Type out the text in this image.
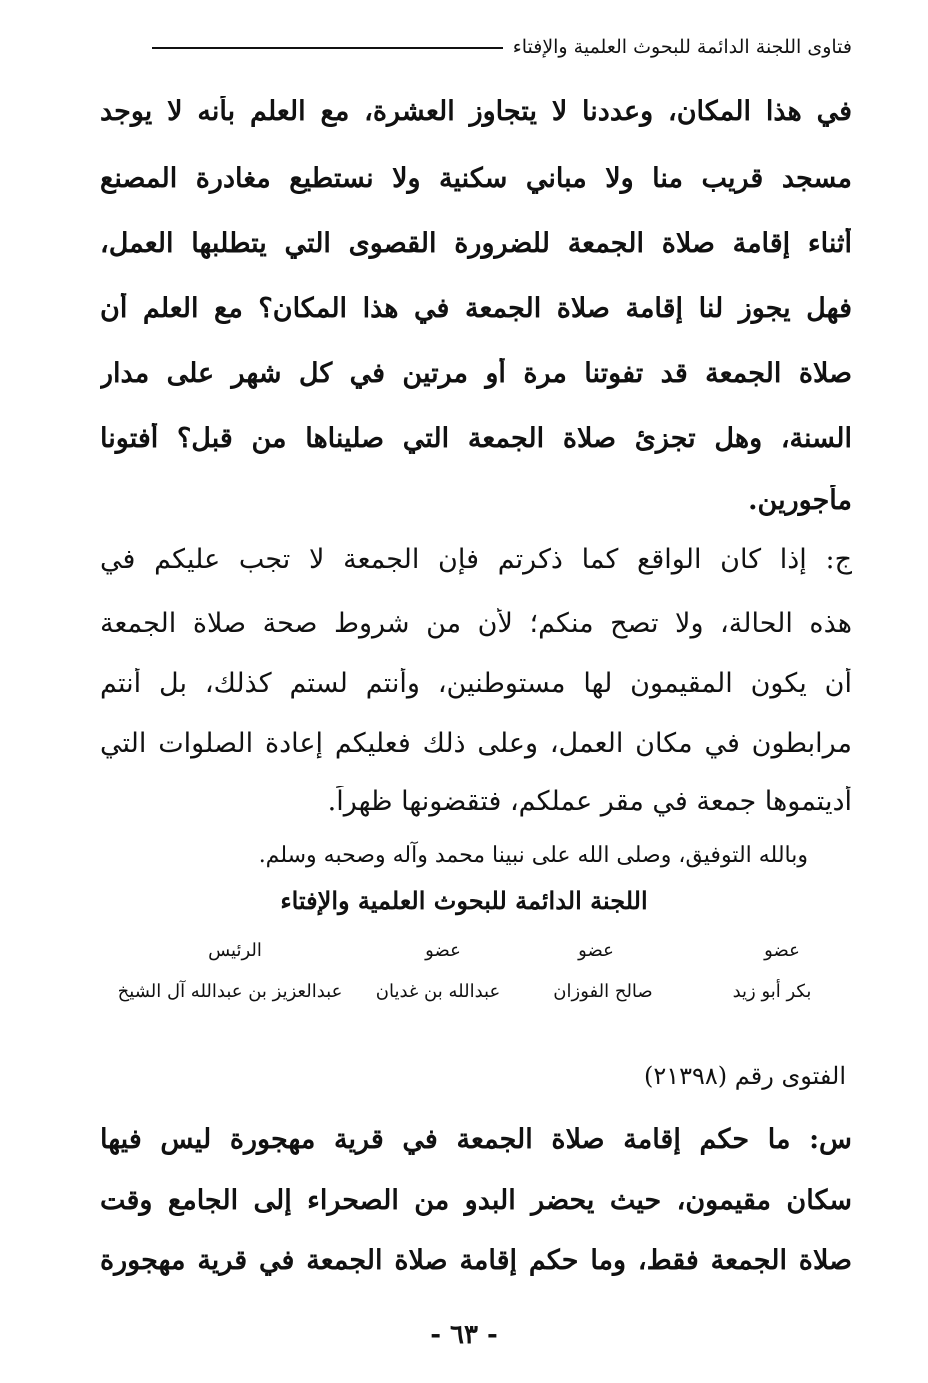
فتاوى اللجنة الدائمة للبحوث العلمية والإفتاء
في هذا المكان، وعددنا لا يتجاوز العشرة، مع العلم بأنه لا يوجد
مسجد قريب منا ولا مباني سكنية ولا نستطيع مغادرة المصنع
أثناء إقامة صلاة الجمعة للضرورة القصوى التي يتطلبها العمل،
فهل يجوز لنا إقامة صلاة الجمعة في هذا المكان؟ مع العلم أن
صلاة الجمعة قد تفوتنا مرة أو مرتين في كل شهر على مدار
السنة، وهل تجزئ صلاة الجمعة التي صليناها من قبل؟ أفتونا
مأجورين.
ج: إذا كان الواقع كما ذكرتم فإن الجمعة لا تجب عليكم في
هذه الحالة، ولا تصح منكم؛ لأن من شروط صحة صلاة الجمعة
أن يكون المقيمون لها مستوطنين، وأنتم لستم كذلك، بل أنتم
مرابطون في مكان العمل، وعلى ذلك فعليكم إعادة الصلوات التي
أديتموها جمعة في مقر عملكم، فتقضونها ظهراً.
وبالله التوفيق، وصلى الله على نبينا محمد وآله وصحبه وسلم.
اللجنة الدائمة للبحوث العلمية والإفتاء
عضو
بكر أبو زيد
عضو
صالح الفوزان
عضو
عبدالله بن غديان
الرئيس
عبدالعزيز بن عبدالله آل الشيخ
الفتوى رقم (٢١٣٩٨)
س: ما حكم إقامة صلاة الجمعة في قرية مهجورة ليس فيها
سكان مقيمون، حيث يحضر البدو من الصحراء إلى الجامع وقت
صلاة الجمعة فقط، وما حكم إقامة صلاة الجمعة في قرية مهجورة
- ٦٣ -
